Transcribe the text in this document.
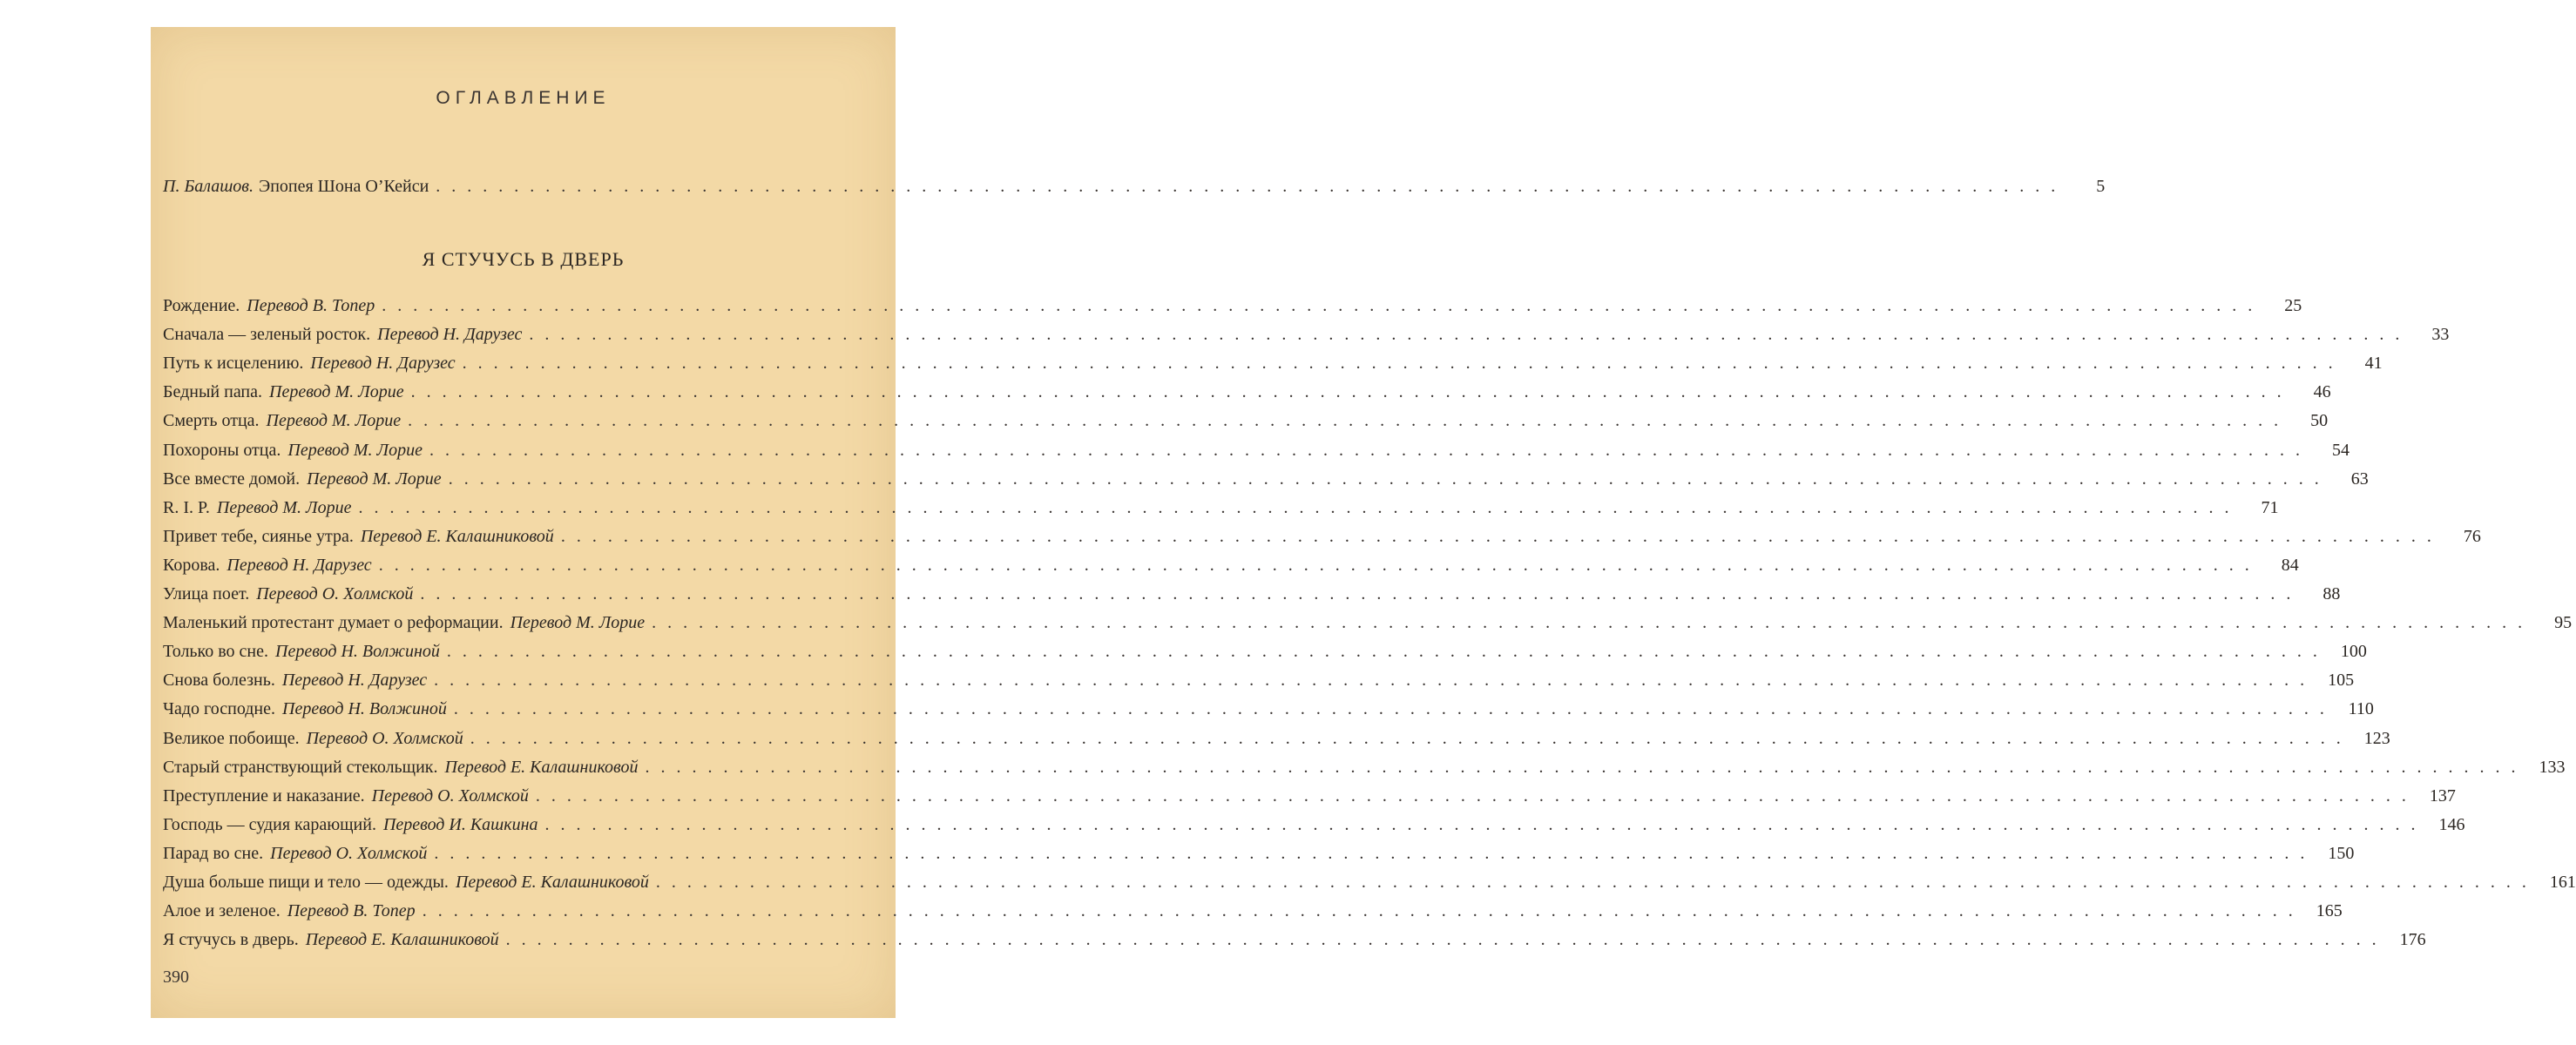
ОГЛАВЛЕНИЕ
П. Балашов. Эпопея Шона О’Кейси ........................................................................................................	5
Я СТУЧУСЬ В ДВЕРЬ
Рождение. Перевод В. Топер ........................................................................................................................	25
Сначала — зеленый росток. Перевод Н. Дарузес ........................................................................................................................	33
Путь к исцелению. Перевод Н. Дарузес ........................................................................................................................	41
Бедный папа. Перевод М. Лорие ........................................................................................................................	46
Смерть отца. Перевод М. Лорие ........................................................................................................................	50
Похороны отца. Перевод М. Лорие ........................................................................................................................	54
Все вместе домой. Перевод М. Лорие ........................................................................................................................	63
R. I. P. Перевод М. Лорие ........................................................................................................................	71
Привет тебе, сиянье утра. Перевод Е. Калашниковой ........................................................................................................................	76
Корова. Перевод Н. Дарузес ........................................................................................................................	84
Улица поет. Перевод О. Холмской ........................................................................................................................	88
Маленький протестант думает о реформации. Перевод М. Лорие ........................................................................................................................	95
Только во сне. Перевод Н. Волжиной ........................................................................................................................ 100
Снова болезнь. Перевод Н. Дарузес ........................................................................................................................ 105
Чадо господне. Перевод Н. Волжиной ........................................................................................................................ 110
Великое побоище. Перевод О. Холмской ........................................................................................................................ 123
Старый странствующий стекольщик. Перевод Е. Калашниковой ........................................................................................................................ 133
Преступление и наказание. Перевод О. Холмской ........................................................................................................................ 137
Господь — судия карающий. Перевод И. Кашкина ........................................................................................................................ 146
Парад во сне. Перевод О. Холмской ........................................................................................................................ 150
Душа больше пищи и тело — одежды. Перевод Е. Калашниковой ........................................................................................................................ 161
Алое и зеленое. Перевод В. Топер ........................................................................................................................ 165
Я стучусь в дверь. Перевод Е. Калашниковой ........................................................................................................................ 176
390
